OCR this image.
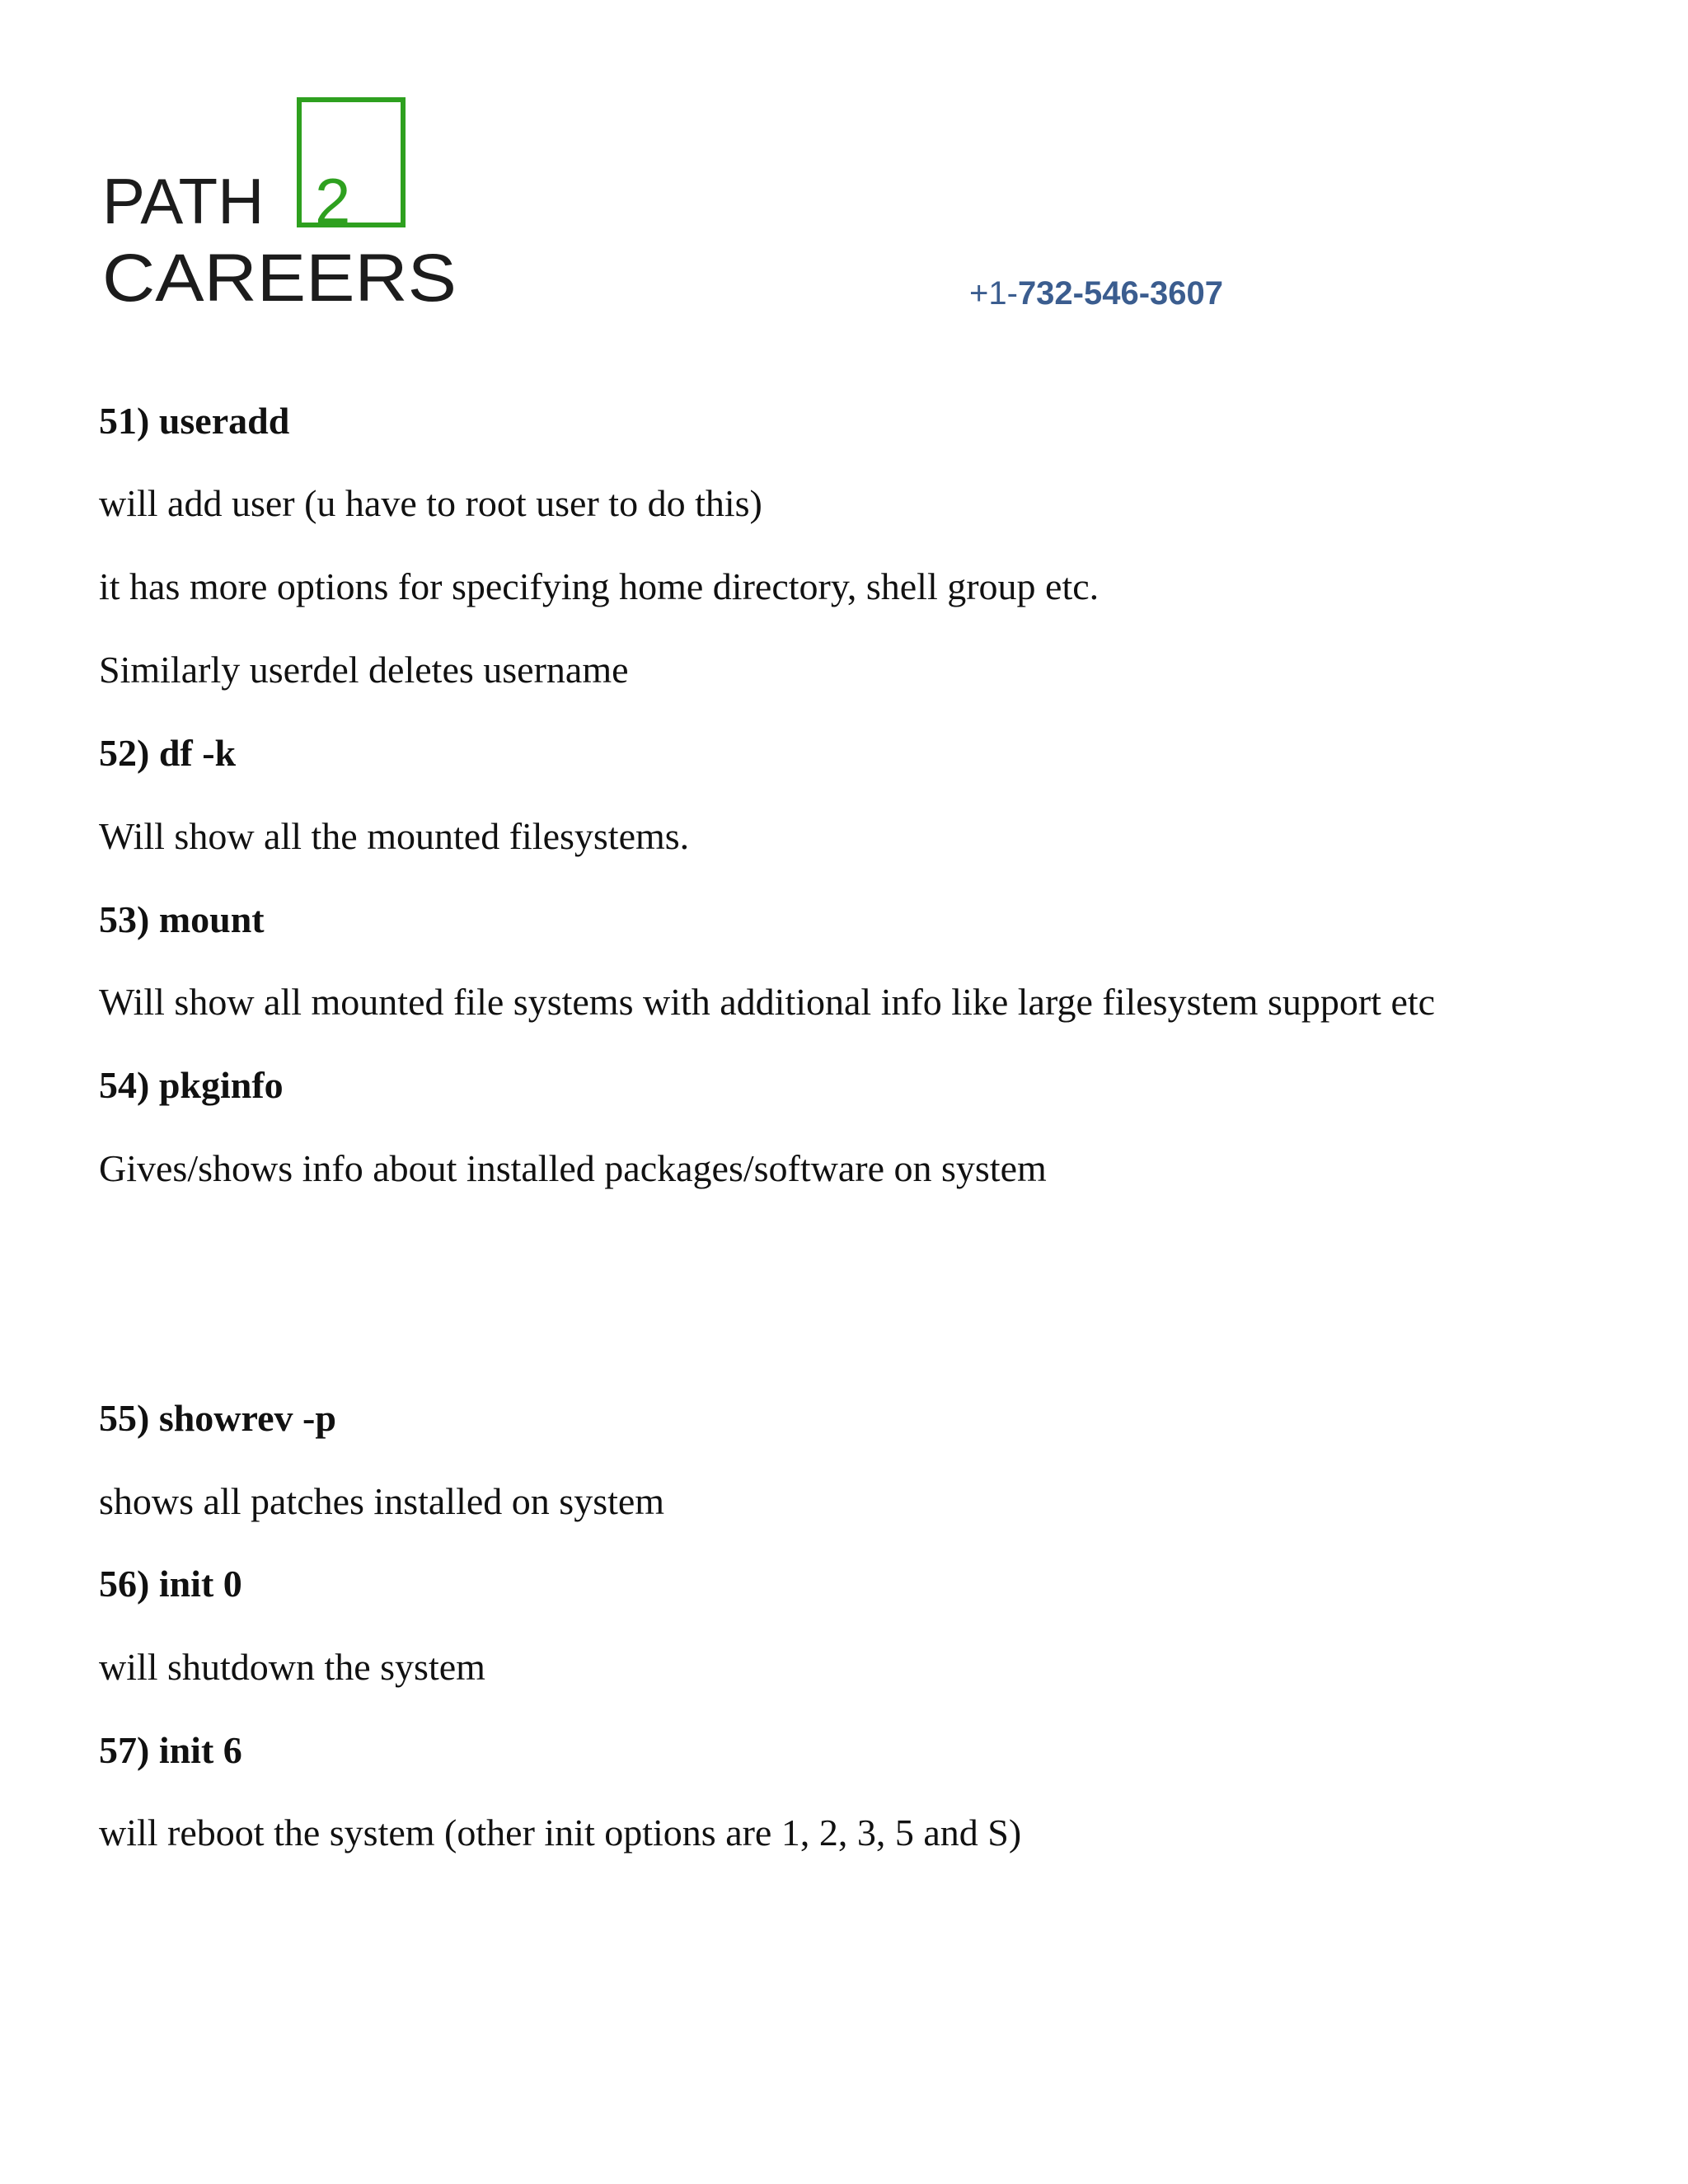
PATH 2
CAREERS	+1-732-546-3607
51) useradd
will add user (u have to root user to do this)
it has more options for specifying home directory, shell group etc.
Similarly userdel deletes username
52) df -k
Will show all the mounted filesystems.
53) mount
Will show all mounted file systems with additional info like large filesystem support etc
54) pkginfo
Gives/shows info about installed packages/software on system
55) showrev -p
shows all patches installed on system
56) init 0
will shutdown the system
57) init 6
will reboot the system (other init options are 1, 2, 3, 5 and S)
